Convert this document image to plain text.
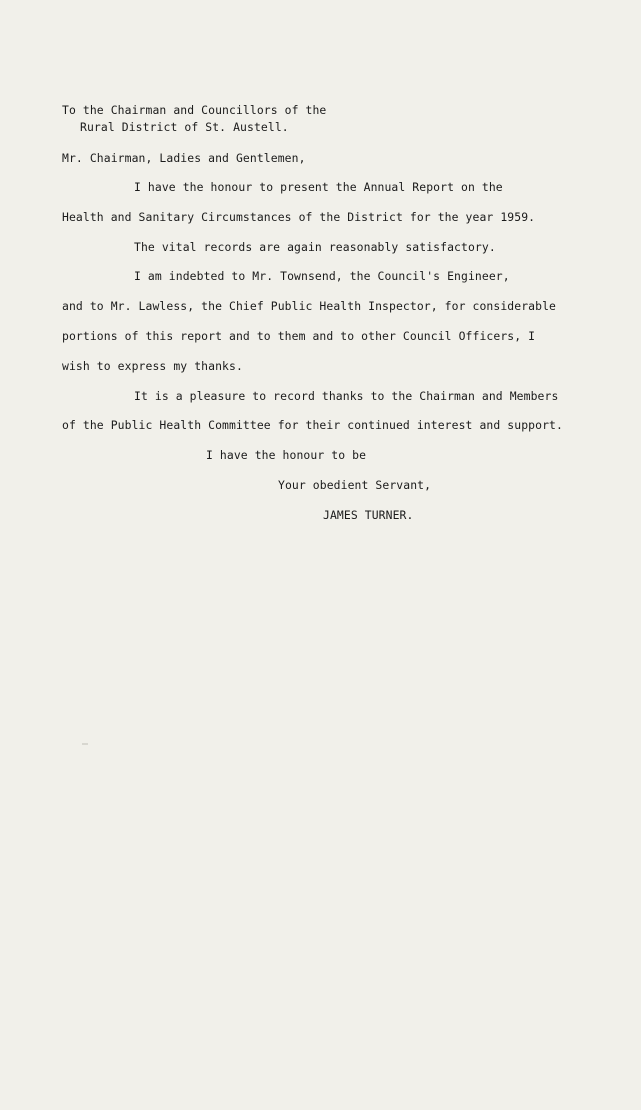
To the Chairman and Councillors of the
Rural District of St. Austell.
Mr. Chairman, Ladies and Gentlemen,
I have the honour to present the Annual Report on the
Health and Sanitary Circumstances of the District for the year 1959.
The vital records are again reasonably satisfactory.
I am indebted to Mr. Townsend, the Council's Engineer,
and to Mr. Lawless, the Chief Public Health Inspector, for considerable
portions of this report and to them and to other Council Officers, I
wish to express my thanks.
It is a pleasure to record thanks to the Chairman and Members
of the Public Health Committee for their continued interest and support.
I have the honour to be
Your obedient Servant,
JAMES TURNER.
